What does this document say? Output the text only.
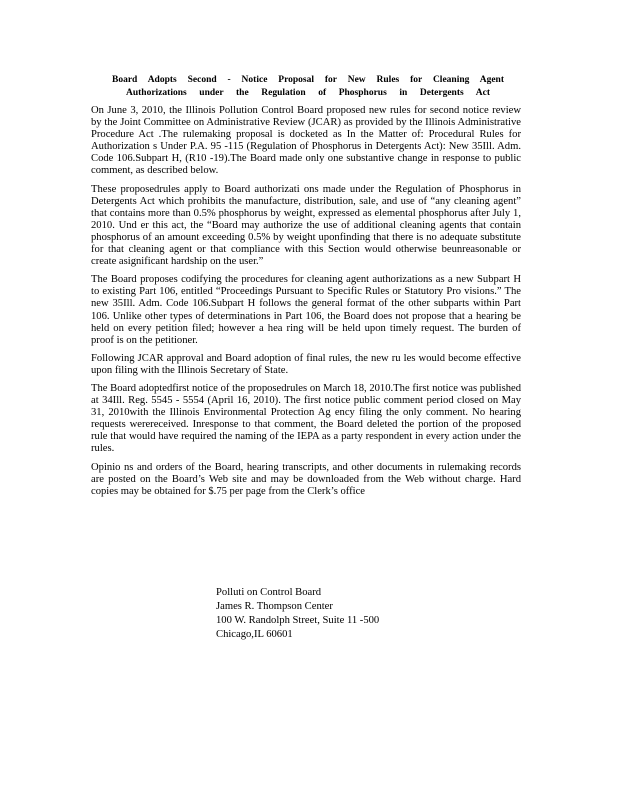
Board Adopts Second - Notice Proposal for New Rules for Cleaning Agent
Authorizations under the Regulation of Phosphorus in Detergents Act

On June 3, 2010, the Illinois Pollution Control Board proposed new rules for second notice review by the Joint Committee on Administrative Review (JCAR) as provided by the Illinois Administrative Procedure Act .The rulemaking proposal is docketed as In the Matter of: Procedural Rules for Authorization s Under P.A. 95 -115 (Regulation of Phosphorus in Detergents Act): New 35Ill. Adm. Code 106.Subpart H, (R10 -19).The Board made only one substantive change in response to public comment, as described below.

These proposedrules apply to Board authorizati ons made under the Regulation of Phosphorus in Detergents Act which prohibits the manufacture, distribution, sale, and use of “any cleaning agent” that contains more than 0.5% phosphorus by weight, expressed as elemental phosphorus after July 1, 2010. Und er this act, the “Board may authorize the use of additional cleaning agents that contain phosphorus of an amount exceeding 0.5% by weight uponfinding that there is no adequate substitute for that cleaning agent or that compliance with this Section would otherwise beunreasonable or create asignificant hardship on the user.”

The Board proposes codifying the procedures for cleaning agent authorizations as a new Subpart H to existing Part 106, entitled “Proceedings Pursuant to Specific Rules or Statutory Pro visions.” The new 35Ill. Adm. Code 106.Subpart H follows the general format of the other subparts within Part 106. Unlike other types of determinations in Part 106, the Board does not propose that a hearing be held on every petition filed; however a hea ring will be held upon timely request. The burden of proof is on the petitioner.

Following JCAR approval and Board adoption of final rules, the new ru les would become effective upon filing with the Illinois Secretary of State.

The Board adoptedfirst notice of the proposedrules on March 18, 2010.The first notice was published at 34Ill. Reg. 5545 - 5554 (April 16, 2010). The first notice public comment period closed on May 31, 2010with the Illinois Environmental Protection Ag ency filing the only comment. No hearing requests werereceived. Inresponse to that comment, the Board deleted the portion of the proposed rule that would have required the naming of the IEPA as a party respondent in every action under the rules.

Opinio ns and orders of the Board, hearing transcripts, and other documents in rulemaking records are posted on the Board’s Web site and may be downloaded from the Web without charge. Hard copies may be obtained for $.75 per page from the Clerk’s office

Polluti on Control Board
James R. Thompson Center
100 W. Randolph Street, Suite 11 -500
Chicago,IL 60601
